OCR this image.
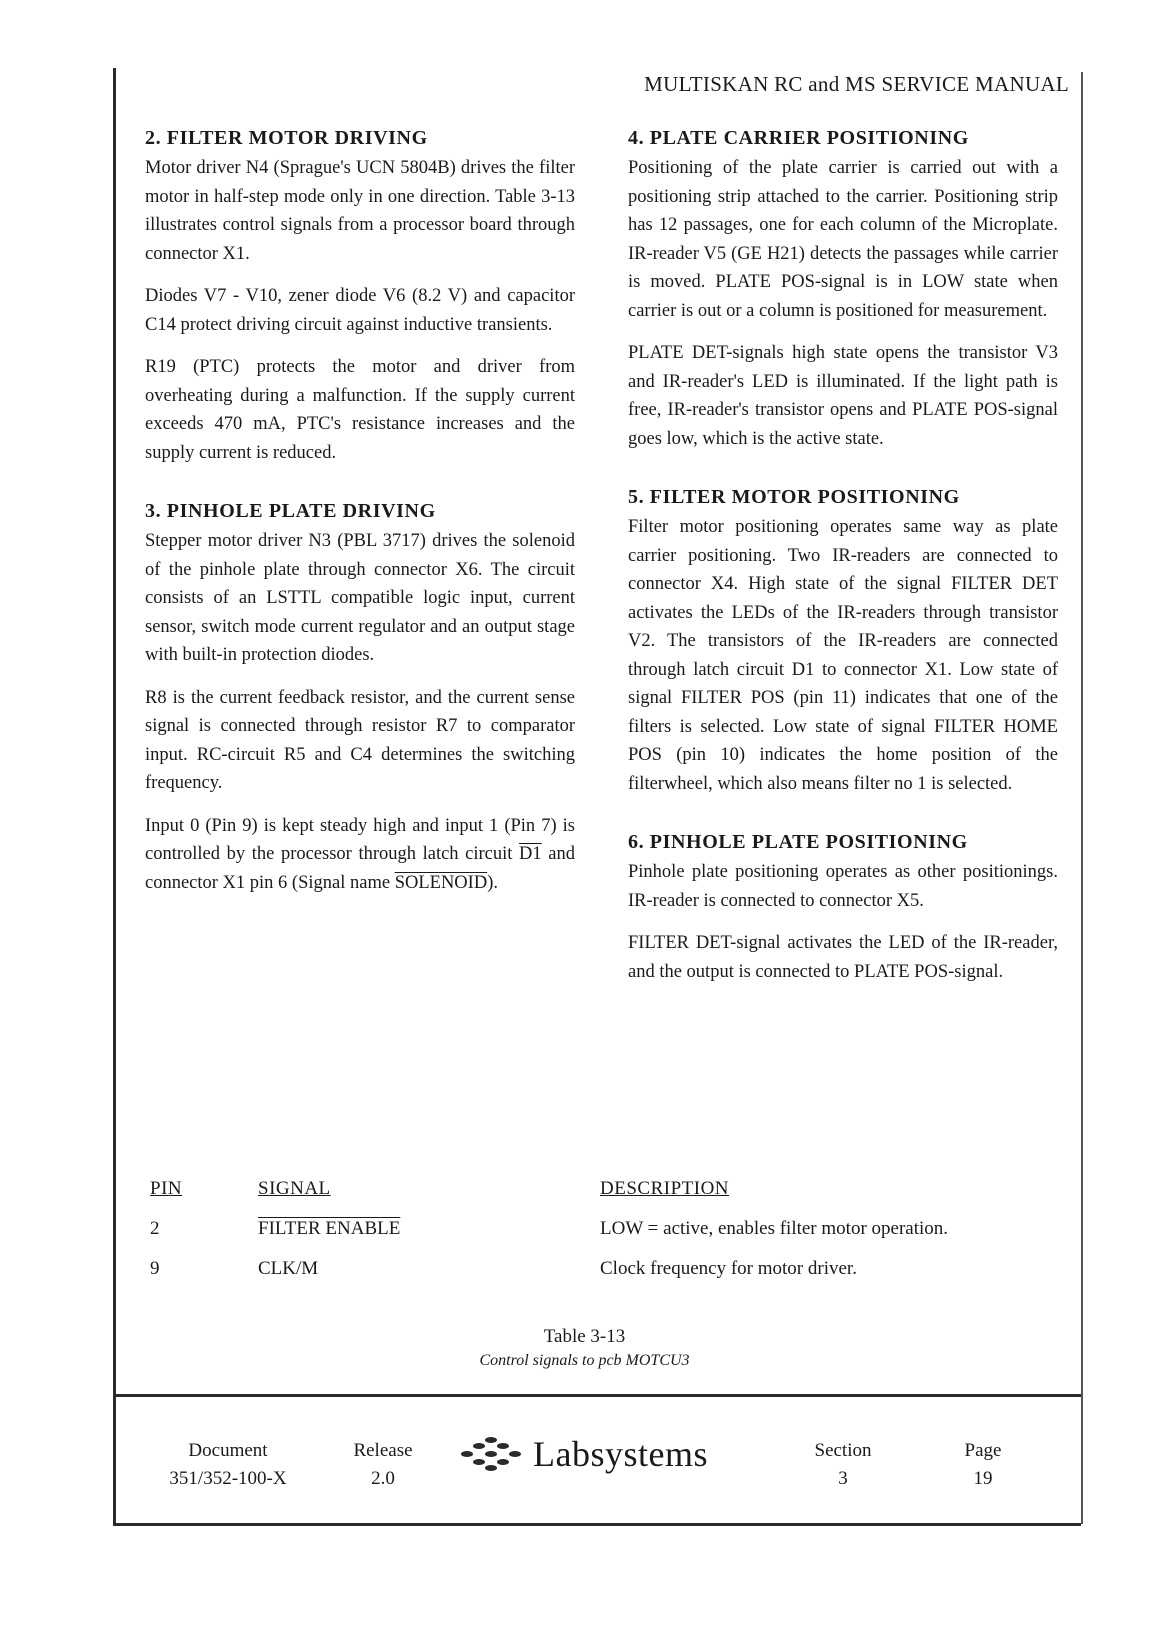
MULTISKAN RC and MS SERVICE MANUAL
2. FILTER MOTOR DRIVING
Motor driver N4 (Sprague's UCN 5804B) drives the filter motor in half-step mode only in one direction. Table 3-13 illustrates control signals from a processor board through connector X1.
Diodes V7 - V10, zener diode V6 (8.2 V) and capacitor C14 protect driving circuit against inductive transients.
R19 (PTC) protects the motor and driver from overheating during a malfunction. If the supply current exceeds 470 mA, PTC's resistance increases and the supply current is reduced.
3. PINHOLE PLATE DRIVING
Stepper motor driver N3 (PBL 3717) drives the solenoid of the pinhole plate through connector X6. The circuit consists of an LSTTL compatible logic input, current sensor, switch mode current regulator and an output stage with built-in protection diodes.
R8 is the current feedback resistor, and the current sense signal is connected through resistor R7 to comparator input. RC-circuit R5 and C4 determines the switching frequency.
Input 0 (Pin 9) is kept steady high and input 1 (Pin 7) is controlled by the processor through latch circuit D1 and connector X1 pin 6 (Signal name SOLENOID).
4. PLATE CARRIER POSITIONING
Positioning of the plate carrier is carried out with a positioning strip attached to the carrier. Positioning strip has 12 passages, one for each column of the Microplate. IR-reader V5 (GE H21) detects the passages while carrier is moved. PLATE POS-signal is in LOW state when carrier is out or a column is positioned for measurement.
PLATE DET-signals high state opens the transistor V3 and IR-reader's LED is illuminated. If the light path is free, IR-reader's transistor opens and PLATE POS-signal goes low, which is the active state.
5. FILTER MOTOR POSITIONING
Filter motor positioning operates same way as plate carrier positioning. Two IR-readers are connected to connector X4. High state of the signal FILTER DET activates the LEDs of the IR-readers through transistor V2. The transistors of the IR-readers are connected through latch circuit D1 to connector X1. Low state of signal FILTER POS (pin 11) indicates that one of the filters is selected. Low state of signal FILTER HOME POS (pin 10) indicates the home position of the filterwheel, which also means filter no 1 is selected.
6. PINHOLE PLATE POSITIONING
Pinhole plate positioning operates as other positionings. IR-reader is connected to connector X5.
FILTER DET-signal activates the LED of the IR-reader, and the output is connected to PLATE POS-signal.
PIN	SIGNAL	DESCRIPTION
2	FILTER ENABLE	LOW = active, enables filter motor operation.
9	CLK/M	Clock frequency for motor driver.
Table 3-13
Control signals to pcb MOTCU3
Document
351/352-100-X
Release
2.0
Labsystems	Section
3
Page
19
